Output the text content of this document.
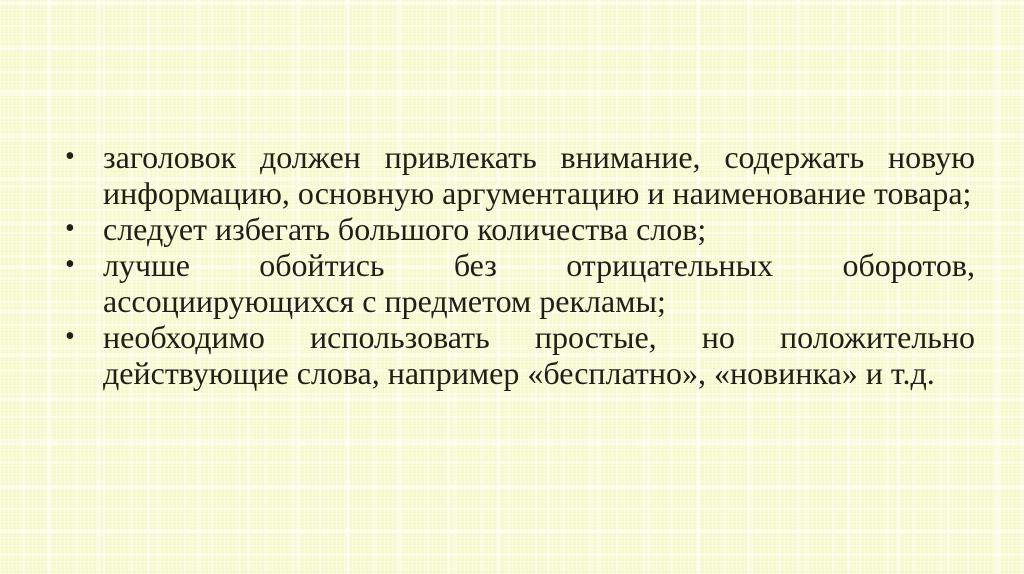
• заголовок должен привлекать внимание, содержать новую
информацию, основную аргументацию и наименование товара;
• следует избегать большого количества слов;
• лучше обойтись без отрицательных оборотов,
ассоциирующихся с предметом рекламы;
• необходимо использовать простые, но положительно
действующие слова, например «бесплатно», «новинка» и т.д.
